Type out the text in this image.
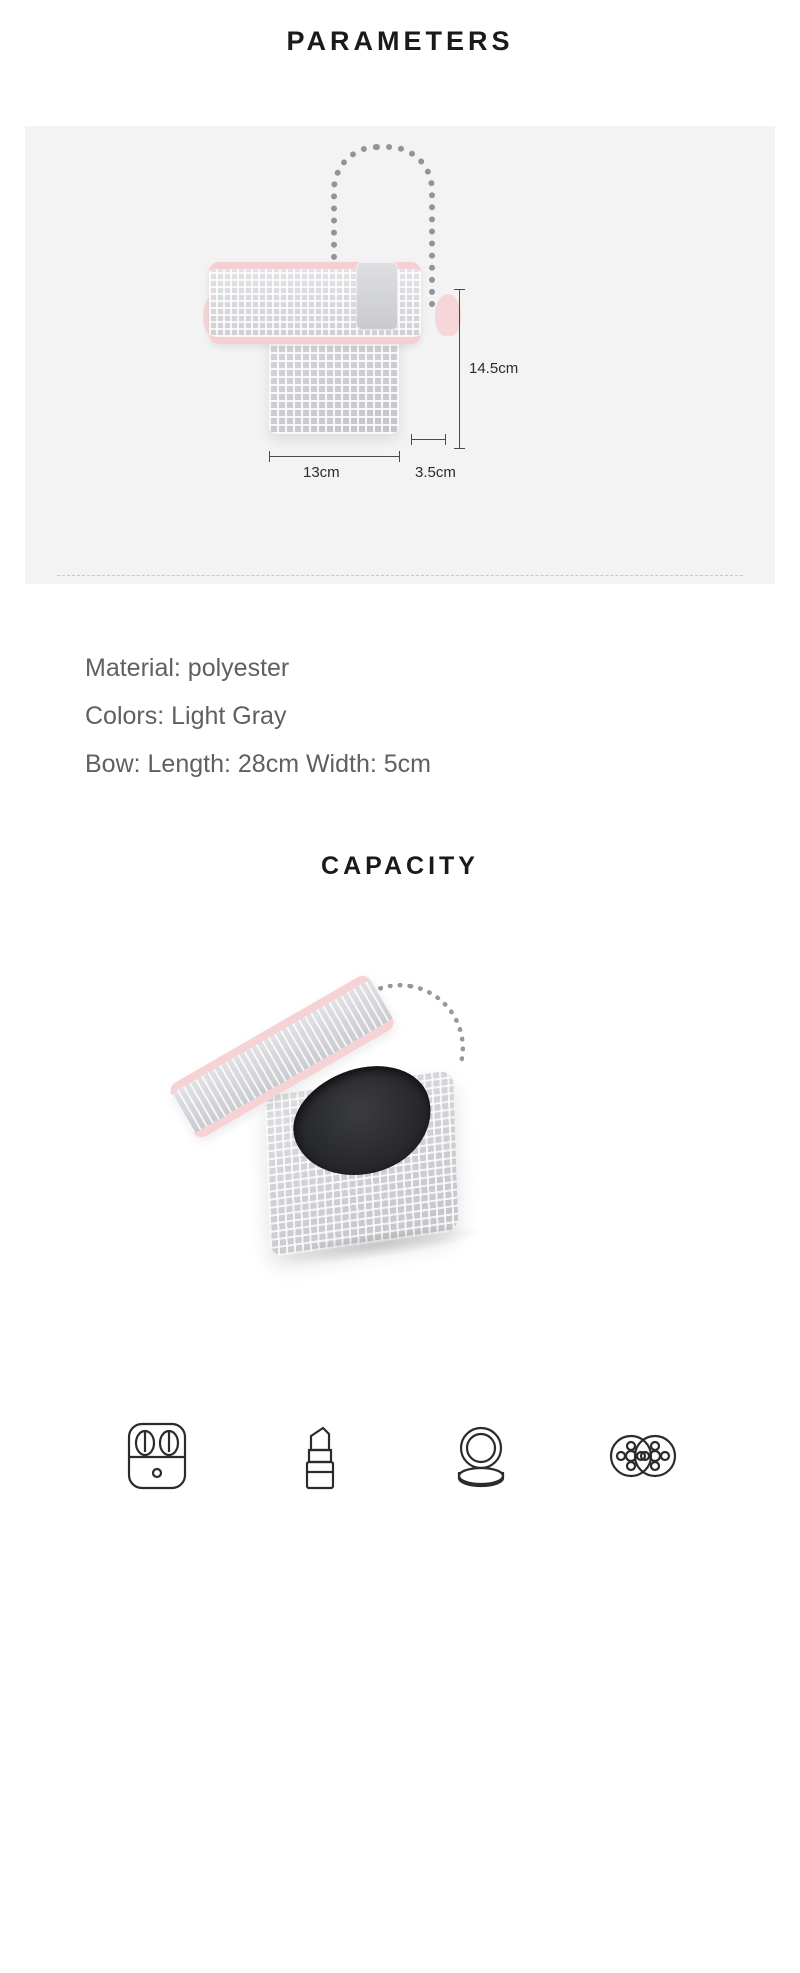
PARAMETERS
14.5cm
13cm	3.5cm

Material: polyester

Colors: Light Gray

Bow: Length: 28cm Width: 5cm

CAPACITY
